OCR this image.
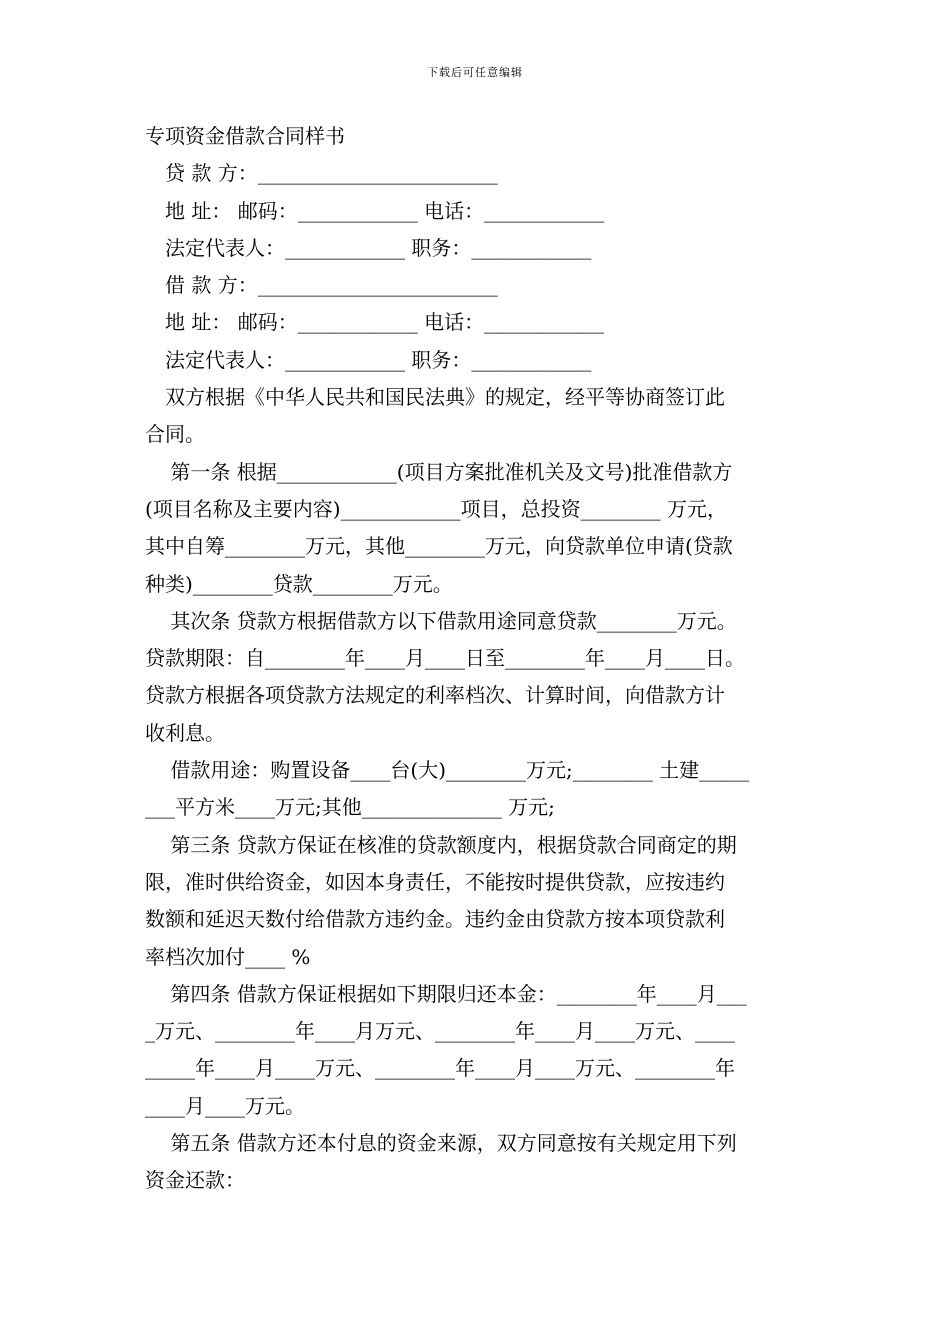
下载后可任意编辑
专项资金借款合同样书
贷 款 方：________________________
地 址： 邮码：____________ 电话：____________
法定代表人：____________ 职务：____________
借 款 方：________________________
地 址： 邮码：____________ 电话：____________
法定代表人：____________ 职务：____________
双方根据《中华人民共和国民法典》的规定，经平等协商签订此
合同。
第一条 根据____________(项目方案批准机关及文号)批准借款方
(项目名称及主要内容)____________项目，总投资________ 万元，
其中自筹________万元，其他________万元，向贷款单位申请(贷款
种类)________贷款________万元。
其次条 贷款方根据借款方以下借款用途同意贷款________万元。
贷款期限：自________年____月____日至________年____月____日。
贷款方根据各项贷款方法规定的利率档次、计算时间，向借款方计
收利息。
借款用途：购置设备____台(大)________万元;________ 土建_____
___平方米____万元;其他______________ 万元;
第三条 贷款方保证在核准的贷款额度内，根据贷款合同商定的期
限，准时供给资金，如因本身责任，不能按时提供贷款，应按违约
数额和延迟天数付给借款方违约金。违约金由贷款方按本项贷款利
率档次加付____ %
第四条 借款方保证根据如下期限归还本金：________年____月___
_万元、________年____月万元、________年____月____万元、____
_____年____月____万元、________年____月____万元、________年
____月____万元。
第五条 借款方还本付息的资金来源，双方同意按有关规定用下列
资金还款：
